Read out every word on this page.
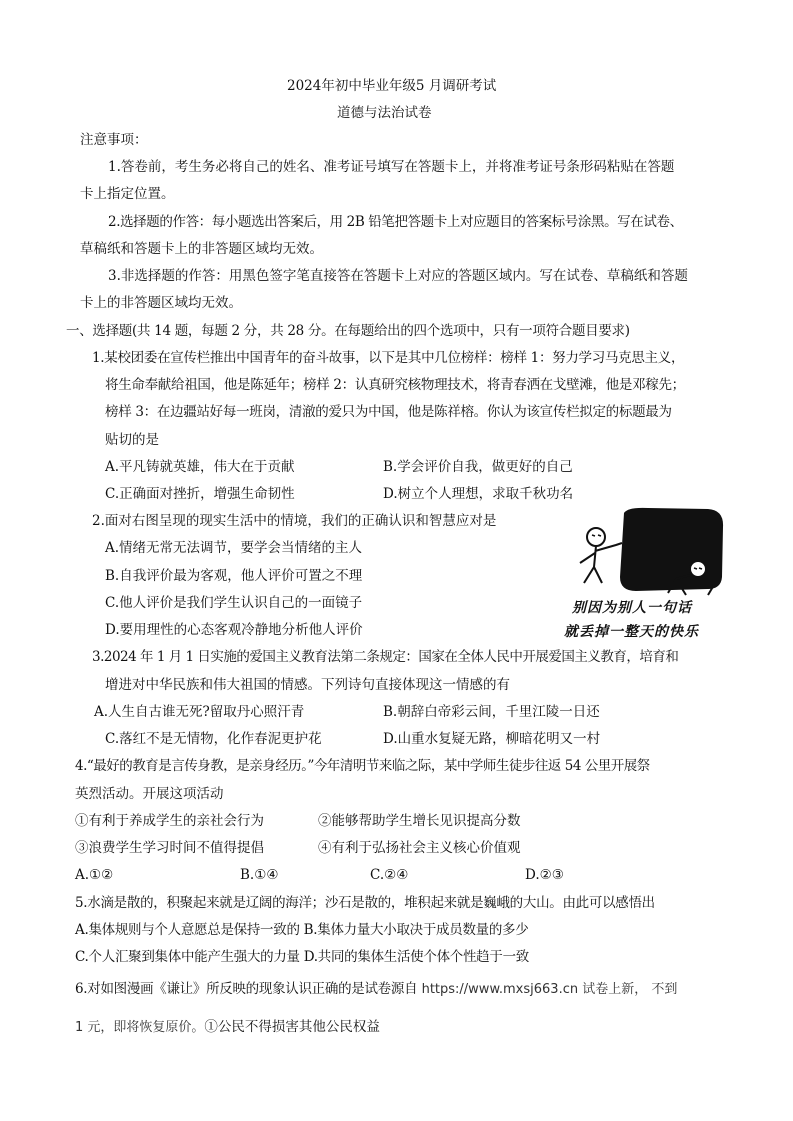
2024年初中毕业年级5 月调研考试
道德与法治试卷
注意事项：
1.答卷前，考生务必将自己的姓名、准考证号填写在答题卡上，并将准考证号条形码粘贴在答题
卡上指定位置。
2.选择题的作答：每小题选出答案后，用 2B 铅笔把答题卡上对应题目的答案标号涂黑。写在试卷、
草稿纸和答题卡上的非答题区域均无效。
3.非选择题的作答：用黑色签字笔直接答在答题卡上对应的答题区域内。写在试卷、草稿纸和答题
卡上的非答题区域均无效。
一、选择题(共 14 题，每题 2 分，共 28 分。在每题给出的四个选项中，只有一项符合题目要求)
1.某校团委在宣传栏推出中国青年的奋斗故事，以下是其中几位榜样：榜样 1：努力学习马克思主义，
将生命奉献给祖国，他是陈延年；榜样 2：认真研究核物理技术，将青春洒在戈壁滩，他是邓稼先；
榜样 3：在边疆站好每一班岗，清澈的爱只为中国，他是陈祥榕。你认为该宣传栏拟定的标题最为
贴切的是
A.平凡铸就英雄，伟大在于贡献	B.学会评价自我，做更好的自己
C.正确面对挫折，增强生命韧性	D.树立个人理想，求取千秋功名
2.面对右图呈现的现实生活中的情境，我们的正确认识和智慧应对是
A.情绪无常无法调节，要学会当情绪的主人
B.自我评价最为客观，他人评价可置之不理
C.他人评价是我们学生认识自己的一面镜子
D.要用理性的心态客观冷静地分析他人评价
别因为别人一句话
就丢掉一整天的快乐
3.2024 年 1 月 1 日实施的爱国主义教育法第二条规定：国家在全体人民中开展爱国主义教育，培育和
增进对中华民族和伟大祖国的情感。下列诗句直接体现这一情感的有
A.人生自古谁无死?留取丹心照汗青	B.朝辞白帝彩云间，千里江陵一日还
C.落红不是无情物，化作春泥更护花	D.山重水复疑无路，柳暗花明又一村
4.“最好的教育是言传身教，是亲身经历。”今年清明节来临之际，某中学师生徒步往返 54 公里开展祭
英烈活动。开展这项活动
①有利于养成学生的亲社会行为	②能够帮助学生增长见识提高分数
③浪费学生学习时间不值得提倡	④有利于弘扬社会主义核心价值观
A.①②	B.①④	C.②④	D.②③
5.水滴是散的，积聚起来就是辽阔的海洋；沙石是散的，堆积起来就是巍峨的大山。由此可以感悟出
A.集体规则与个人意愿总是保持一致的 B.集体力量大小取决于成员数量的多少
C.个人汇聚到集体中能产生强大的力量 D.共同的集体生活使个体个性趋于一致
6.对如图漫画《谦让》所反映的现象认识正确的是试卷源自 https://www.mxsj663.cn 试卷上新， 不到
1 元，即将恢复原价。①公民不得损害其他公民权益
